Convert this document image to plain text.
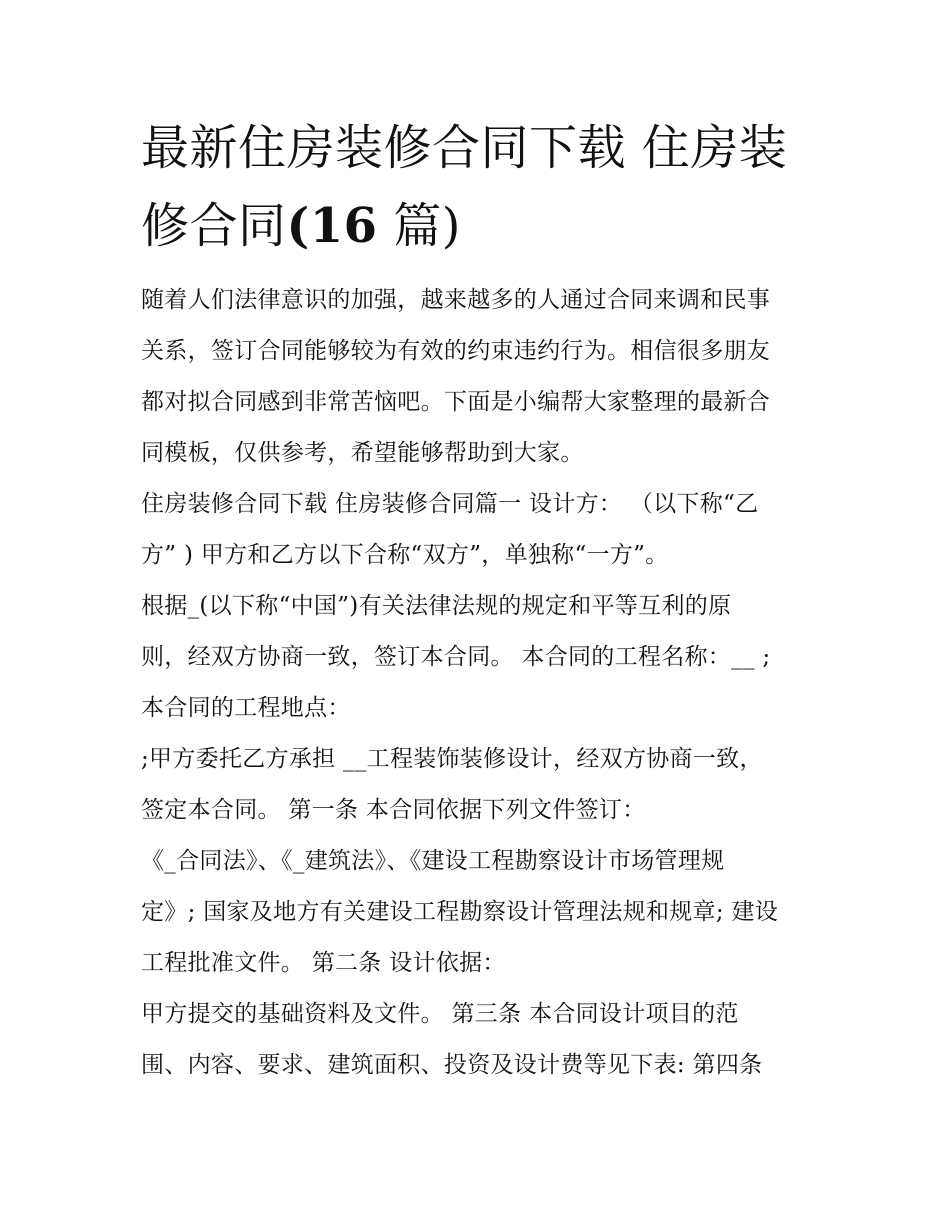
最新住房装修合同下载 住房装
修合同(16 篇)
随着人们法律意识的加强，越来越多的人通过合同来调和民事
关系，签订合同能够较为有效的约束违约行为。相信很多朋友
都对拟合同感到非常苦恼吧。下面是小编帮大家整理的最新合
同模板，仅供参考，希望能够帮助到大家。
住房装修合同下载 住房装修合同篇一 设计方： （以下称“乙
方” ) 甲方和乙方以下合称“双方”，单独称“一方”。
根据_(以下称“中国”)有关法律法规的规定和平等互利的原
则，经双方协商一致，签订本合同。 本合同的工程名称：__ ;
本合同的工程地点：
;甲方委托乙方承担 __工程装饰装修设计，经双方协商一致，
签定本合同。 第一条 本合同依据下列文件签订：
《_合同法》、《_建筑法》、《建设工程勘察设计市场管理规
定》; 国家及地方有关建设工程勘察设计管理法规和规章; 建设
工程批准文件。 第二条 设计依据：
甲方提交的基础资料及文件。 第三条 本合同设计项目的范
围、内容、要求、建筑面积、投资及设计费等见下表: 第四条
